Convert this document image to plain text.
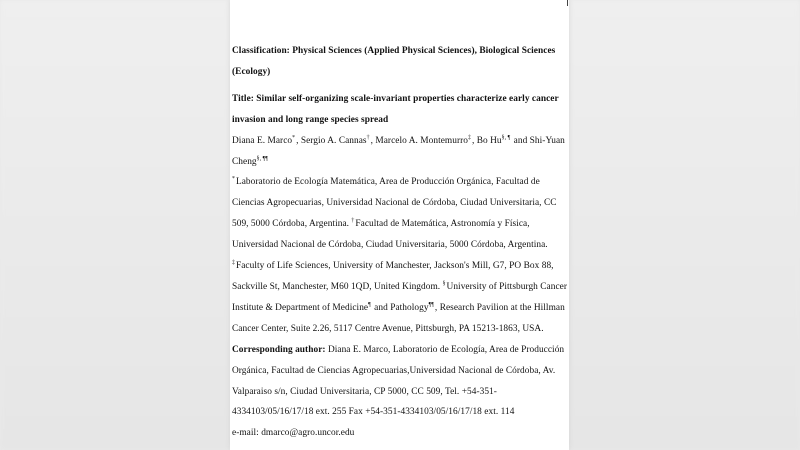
Classification: Physical Sciences (Applied Physical Sciences), Biological Sciences
(Ecology)
Title: Similar self-organizing scale-invariant properties characterize early cancer
invasion and long range species spread
Diana E. Marco*, Sergio A. Cannas†, Marcelo A. Montemurro‡, Bo Hu§, ¶ and Shi-Yuan
Cheng§, ¶¶
*Laboratorio de Ecología Matemática, Area de Producción Orgánica, Facultad de
Ciencias Agropecuarias, Universidad Nacional de Córdoba, Ciudad Universitaria, CC
509, 5000 Córdoba, Argentina. †Facultad de Matemática, Astronomía y Física,
Universidad Nacional de Córdoba, Ciudad Universitaria, 5000 Córdoba, Argentina.
‡Faculty of Life Sciences, University of Manchester, Jackson's Mill, G7, PO Box 88,
Sackville St, Manchester, M60 1QD, United Kingdom. §University of Pittsburgh Cancer
Institute & Department of Medicine¶ and Pathology¶¶, Research Pavilion at the Hillman
Cancer Center, Suite 2.26, 5117 Centre Avenue, Pittsburgh, PA 15213-1863, USA.
Corresponding author: Diana E. Marco, Laboratorio de Ecología, Area de Producción
Orgánica, Facultad de Ciencias Agropecuarias,Universidad Nacional de Córdoba, Av.
Valparaiso s/n, Ciudad Universitaria, CP 5000, CC 509, Tel. +54-351-
4334103/05/16/17/18 ext. 255 Fax +54-351-4334103/05/16/17/18 ext. 114
e-mail: dmarco@agro.uncor.edu
